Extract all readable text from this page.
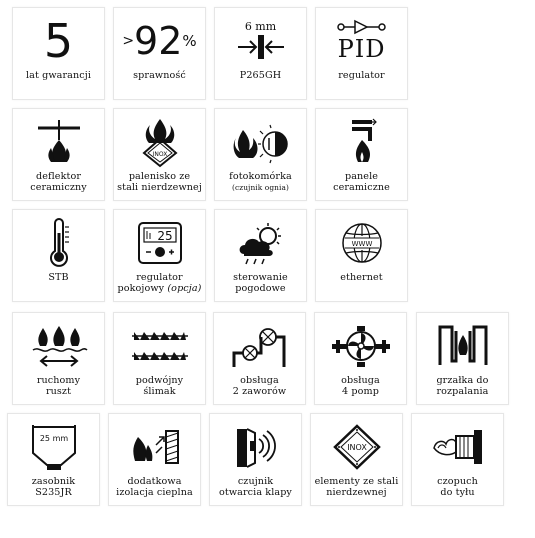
5
lat gwarancji
> 92 %
sprawność
6 mm
P265GH
PID
regulator
deflektor
ceramiczny
INOX
palenisko ze
stali nierdzewnej
fotokomórka
(czujnik ognia)
panele
ceramiczne
STB
25
regulator
pokojowy (opcja)
sterowanie
pogodowe
WWW
ethernet
ruchomy
ruszt
podwójny
ślimak
obsługa
2 zaworów
obsługa
4 pomp
grzałka do
rozpalania
25 mm
zasobnik
S235JR
dodatkowa
izolacja cieplna
czujnik
otwarcia klapy
INOX
elementy ze stali
nierdzewnej
czopuch
do tyłu
